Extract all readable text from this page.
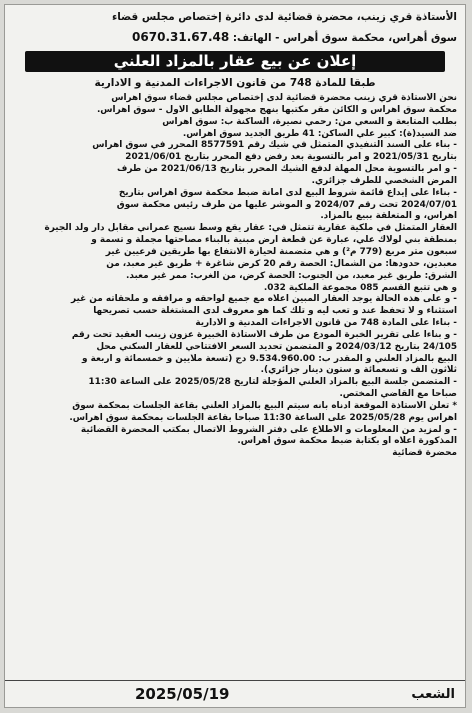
الأستاذة قري زينب، محضرة قضائية لدى دائرة إختصاص مجلس قضاء
سوق أهراس، محكمة سوق أهراس - الهاتف: 0670.31.67.48
إعلان عن بيع عقار بالمزاد العلني
طبقا للمادة 748 من قانون الاجراءات المدنية و الادارية
نحن الأستاذة قري زينب محضرة قضائية لدى إختصاص مجلس قضاء سوق أهراس
محكمة سوق أهراس و الكائن مقر مكتبها بنهج مجهولة الطابق الاول - سوق أهراس.
بطلب المتابعة و السعي من: رحمي نصيرة، الساكنة ب: سوق أهراس
ضد السيد(ة): كبير علي الساكن: 41 طريق الجديد سوق أهراس.
- بناء على السند التنفيذي المتمثل في شيك رقم 8577591 المحرر في سوق أهراس
بتاريخ 2021/05/31 و أمر بالتسوية بعد رفض دفع المحرر بتاريخ 2021/06/01
- و أمر بالتسوية محل المهلة لدفع الشيك المحرر بتاريخ 2021/06/13 من طرف
المرض الشخصي للطرف جزائري.
- بناءا على إيداع قائمة شروط البيع لدى أمانة ضبط محكمة سوق أهراس بتاريخ
2024/07/01 تحت رقم 2024/07 و الموشر عليها من طرف رئيس محكمة سوق
أهراس، و المتعلقة ببيع بالمزاد.
العقار المتمثل في ملكية عقارية تتمثل في: عقار يقع وسط نسيج عمراني مقابل دار ولد الجيرة
بمنطقة بني لولاك علي، عبارة عن قطعة أرض مبنية بالبناء مصاحتها مجملة و تسمة و
سبعون متر مربع (779 م²) و هي متضمنة لحيازة الانتفاع بها طريقين فرعيين غير
معبدين، حدودها: من الشمال: الحصة رقم 20 كرض شاغرة + طريق غير معبد، من
الشرق: طريق غير معبد، من الجنوب: الحصة كرض، من الغرب: ممر غير معبد.
و هي تتبع القسم 085 مجموعة الملكية 032.
- و على هذه الحالة يوجد العقار المبين أعلاه مع جميع لواحقه و مرافقه و ملحقاته من غير
استثناء و لا تحفظ عند و تعب ليه و تلك كما هو معروف لدى المشتغلة حسب تصريحها
- بناءا على المادة 748 من قانون الاجراءات المدنية و الادارية
- و بناءا على تقرير الخبرة المودع من طرف الأستاذة الخبيرة عزون زينب العقيد تحت رقم
24/105 بتاريخ 2024/03/12 و المتضمن تحديد السعر الافتتاحي للعقار السكني محل
البيع بالمزاد العلني و المقدر ب: 9.534.960.00 دج (تسعة ملايين و خمسمائة و اربعة و
ثلاثون ألف و تسعمائة و ستون دينار جزائري).
- المتضمن جلسة البيع بالمزاد العلني المؤجلة لتاريخ 2025/05/28 على الساعة 11:30
صباحا مع القاضي المختص.
* تعلن الأستاذة الموقعة أدناه بانه سيتم البيع بالمزاد العلني بقاعة الجلسات بمحكمة سوق
أهراس يوم 2025/05/28 على الساعة 11:30 صباحا بقاعة الجلسات بمحكمة سوق أهراس.
- و لمزيد من المعلومات و الاطلاع على دفتر الشروط الاتصال بمكتب المحضرة القضائية
المذكورة أعلاه أو بكتابة ضبط محكمة سوق أهراس.
محضرة قضائية
الشعب
2025/05/19
